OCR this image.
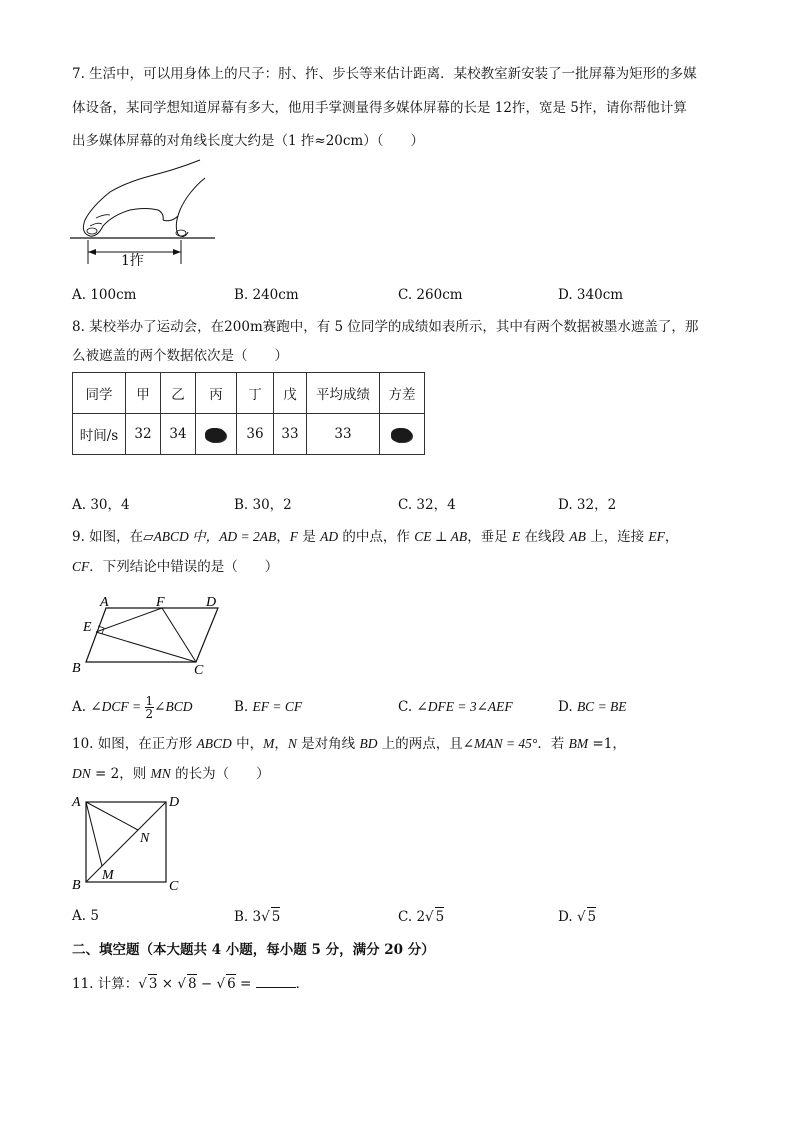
7. 生活中，可以用身体上的尺子：肘、拃、步长等来估计距离．某校教室新安装了一批屏幕为矩形的多媒
体设备，某同学想知道屏幕有多大，他用手掌测量得多媒体屏幕的长是 12拃，宽是 5拃，请你帮他计算
出多媒体屏幕的对角线长度大约是（1 拃≈20cm）（　　）
1拃
A. 100cm	B. 240cm	C. 260cm	D. 340cm
8. 某校举办了运动会，在200m赛跑中，有 5 位同学的成绩如表所示，其中有两个数据被墨水遮盖了，那
么被遮盖的两个数据依次是（　　）
同学	甲	乙	丙	丁	戊	平均成绩	方差
时间/s	32	34		36	33	33	
A. 30，4	B. 30，2	C. 32，4	D. 32，2
9. 如图，在▱ABCD 中，AD = 2AB，F 是 AD 的中点，作 CE ⊥ AB，垂足 E 在线段 AB 上，连接 EF，
CF．下列结论中错误的是（　　）
A	F	D
E
B	C
A. ∠DCF = $\frac{1}{2}$ ∠BCD	B. EF = CF	C. ∠DFE = 3∠AEF	D. BC = BE
10. 如图，在正方形 ABCD 中，M，N 是对角线 BD 上的两点，且∠MAN = 45°．若 BM =1，
DN = 2，则 MN 的长为（　　）
A	D
N
B
M
C
A. 5	B. 3√ 5	C. 2√ 5	D. √ 5
二、填空题（本大题共 4 小题，每小题 5 分，满分 20 分）
11. 计算：√ 3 × √ 8 − √ 6 =	．
